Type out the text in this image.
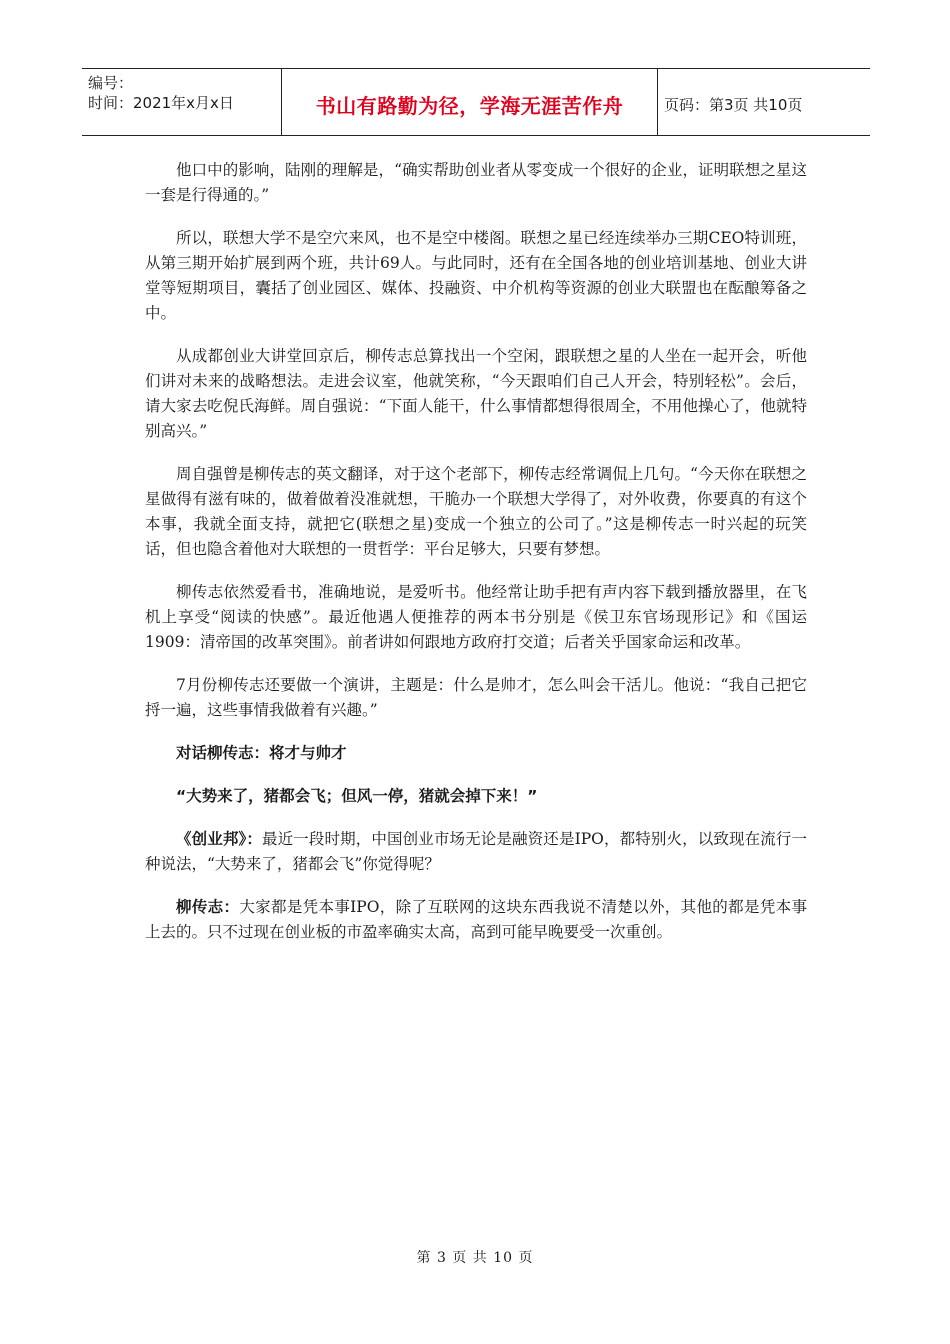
编号：
时间：2021年x月x日	书山有路勤为径，学海无涯苦作舟	页码：第3页 共10页

他口中的影响，陆刚的理解是，“确实帮助创业者从零变成一个很好的企业，证明联想之星这一套是行得通的。”

所以，联想大学不是空穴来风，也不是空中楼阁。联想之星已经连续举办三期CEO特训班，从第三期开始扩展到两个班，共计69人。与此同时，还有在全国各地的创业培训基地、创业大讲堂等短期项目，囊括了创业园区、媒体、投融资、中介机构等资源的创业大联盟也在酝酿筹备之中。

从成都创业大讲堂回京后，柳传志总算找出一个空闲，跟联想之星的人坐在一起开会，听他们讲对未来的战略想法。走进会议室，他就笑称，“今天跟咱们自己人开会，特别轻松”。会后，请大家去吃倪氏海鲜。周自强说：“下面人能干，什么事情都想得很周全，不用他操心了，他就特别高兴。”

周自强曾是柳传志的英文翻译，对于这个老部下，柳传志经常调侃上几句。“今天你在联想之星做得有滋有味的，做着做着没准就想，干脆办一个联想大学得了，对外收费，你要真的有这个本事，我就全面支持，就把它(联想之星)变成一个独立的公司了。”这是柳传志一时兴起的玩笑话，但也隐含着他对大联想的一贯哲学：平台足够大，只要有梦想。

柳传志依然爱看书，准确地说，是爱听书。他经常让助手把有声内容下载到播放器里，在飞机上享受“阅读的快感”。最近他遇人便推荐的两本书分别是《侯卫东官场现形记》和《国运1909：清帝国的改革突围》。前者讲如何跟地方政府打交道；后者关乎国家命运和改革。

7月份柳传志还要做一个演讲，主题是：什么是帅才，怎么叫会干活儿。他说：“我自己把它捋一遍，这些事情我做着有兴趣。”

对话柳传志：将才与帅才

“大势来了，猪都会飞；但风一停，猪就会掉下来！”

《创业邦》：最近一段时期，中国创业市场无论是融资还是IPO，都特别火，以致现在流行一种说法，“大势来了，猪都会飞”你觉得呢？

柳传志：大家都是凭本事IPO，除了互联网的这块东西我说不清楚以外，其他的都是凭本事上去的。只不过现在创业板的市盈率确实太高，高到可能早晚要受一次重创。

第 3 页 共 10 页
